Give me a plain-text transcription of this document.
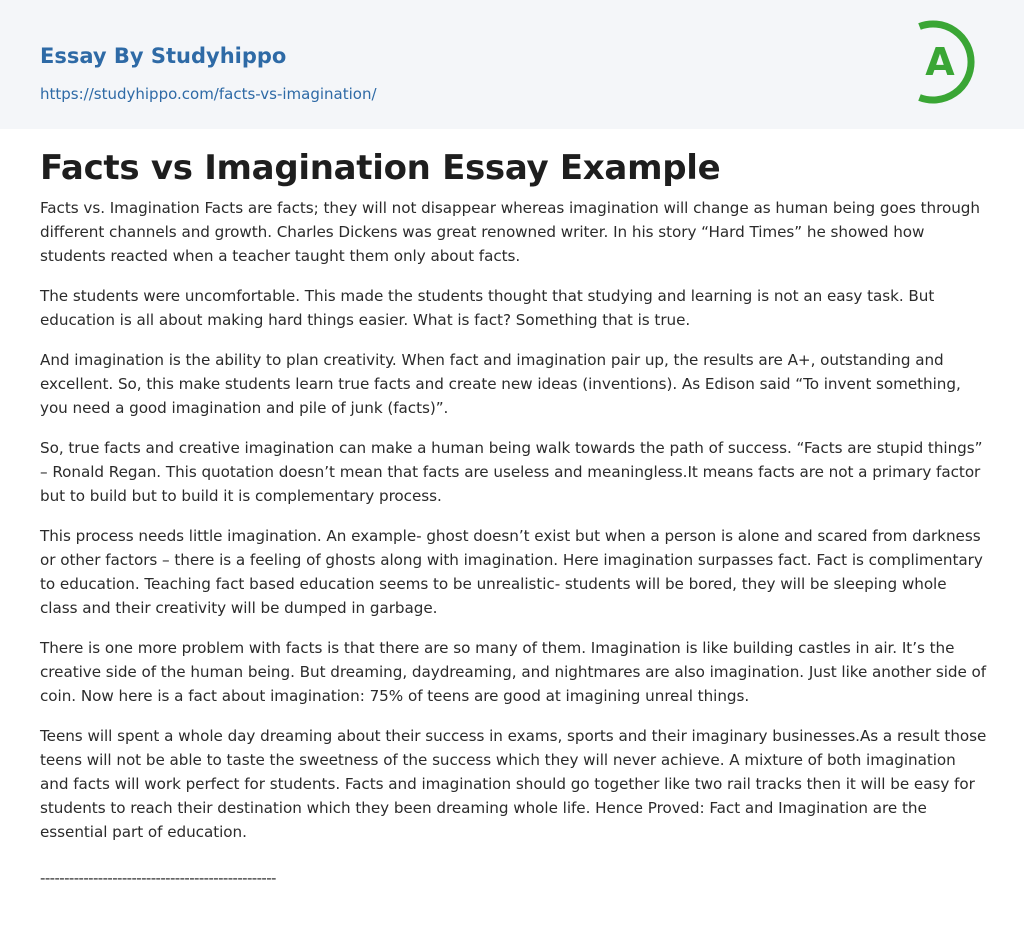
Essay By Studyhippo
https://studyhippo.com/facts-vs-imagination/
A
Facts vs Imagination Essay Example

Facts vs. Imagination Facts are facts; they will not disappear whereas imagination will change as human being goes through different channels and growth. Charles Dickens was great renowned writer. In his story “Hard Times” he showed how students reacted when a teacher taught them only about facts.

The students were uncomfortable. This made the students thought that studying and learning is not an easy task. But education is all about making hard things easier. What is fact? Something that is true.

And imagination is the ability to plan creativity. When fact and imagination pair up, the results are A+, outstanding and excellent. So, this make students learn true facts and create new ideas (inventions). As Edison said “To invent something, you need a good imagination and pile of junk (facts)”.

So, true facts and creative imagination can make a human being walk towards the path of success. “Facts are stupid things” – Ronald Regan. This quotation doesn’t mean that facts are useless and meaningless.It means facts are not a primary factor but to build but to build it is complementary process.

This process needs little imagination. An example- ghost doesn’t exist but when a person is alone and scared from darkness or other factors – there is a feeling of ghosts along with imagination. Here imagination surpasses fact. Fact is complimentary to education. Teaching fact based education seems to be unrealistic- students will be bored, they will be sleeping whole class and their creativity will be dumped in garbage.

There is one more problem with facts is that there are so many of them. Imagination is like building castles in air. It’s the creative side of the human being. But dreaming, daydreaming, and nightmares are also imagination. Just like another side of coin. Now here is a fact about imagination: 75% of teens are good at imagining unreal things.

Teens will spent a whole day dreaming about their success in exams, sports and their imaginary businesses.As a result those teens will not be able to taste the sweetness of the success which they will never achieve. A mixture of both imagination and facts will work perfect for students. Facts and imagination should go together like two rail tracks then it will be easy for students to reach their destination which they been dreaming whole life. Hence Proved: Fact and Imagination are the essential part of education.

-------------------------------------------------
